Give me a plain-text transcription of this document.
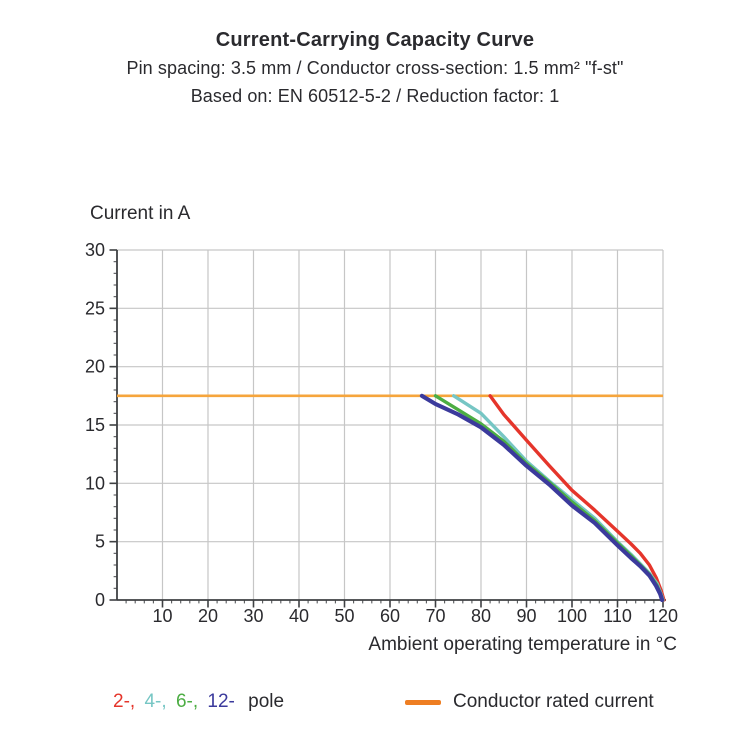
Current-Carrying Capacity Curve
Pin spacing: 3.5 mm / Conductor cross-section: 1.5 mm² "f-st"
Based on: EN 60512-5-2 / Reduction factor: 1
Current in A
10 20 30 40 50 60 70 80 90 100 110 120
0
5
10
15
20
25
30
Ambient operating temperature in °C
2-, 4-, 6-, 12- pole	Conductor rated current
